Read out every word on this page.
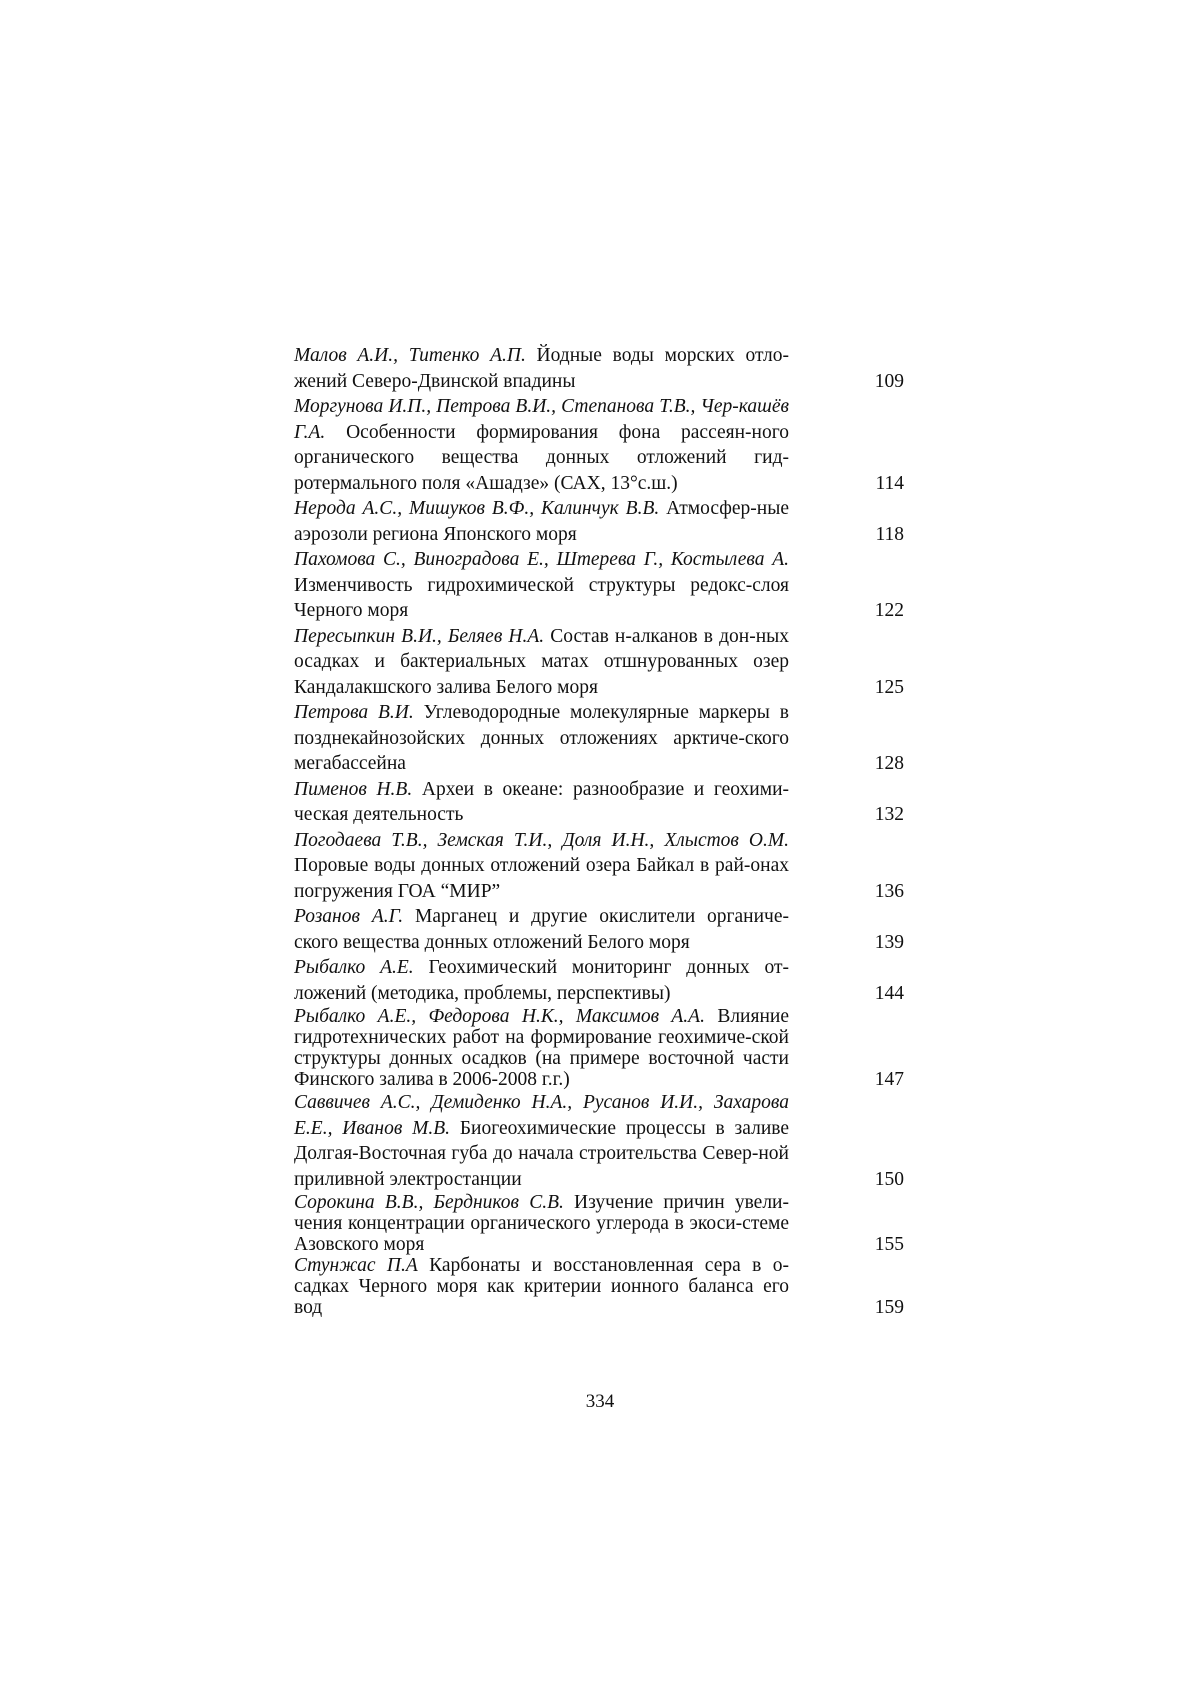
Малов А.И., Титенко А.П. Йодные воды морских отло-жений Северо-Двинской впадины	109
Моргунова И.П., Петрова В.И., Степанова Т.В., Чер-кашёв Г.А. Особенности формирования фона рассеян-ного органического вещества донных отложений гид-ротермального поля «Ашадзе» (САХ, 13°с.ш.)	114
Нерода А.С., Мишуков В.Ф., Калинчук В.В. Атмосфер-ные аэрозоли региона Японского моря	118
Пахомова С., Виноградова Е., Штерева Г., Костылева А. Изменчивость гидрохимической структуры редокс-слоя Черного моря	122
Пересыпкин В.И., Беляев Н.А. Состав н-алканов в дон-ных осадках и бактериальных матах отшнурованных озер Кандалакшского залива Белого моря	125
Петрова В.И. Углеводородные молекулярные маркеры в позднекайнозойских донных отложениях арктиче-ского мегабассейна	128
Пименов Н.В. Археи в океане: разнообразие и геохими-ческая деятельность	132
Погодаева Т.В., Земская Т.И., Доля И.Н., Хлыстов О.М. Поровые воды донных отложений озера Байкал в рай-онах погружения ГОА “МИР”	136
Розанов А.Г. Марганец и другие окислители органиче-ского вещества донных отложений Белого моря	139
Рыбалко А.Е. Геохимический мониторинг донных от-ложений (методика, проблемы, перспективы)	144
Рыбалко А.Е., Федорова Н.К., Максимов А.А. Влияние гидротехнических работ на формирование геохимиче-ской структуры донных осадков (на примере восточной части Финского залива в 2006-2008 г.г.)	147
Саввичев А.С., Демиденко Н.А., Русанов И.И., Захарова Е.Е., Иванов М.В. Биогеохимические процессы в заливе Долгая-Восточная губа до начала строительства Север-ной приливной электростанции	150
Сорокина В.В., Бердников С.В. Изучение причин увели-чения концентрации органического углерода в экоси-стеме Азовского моря	155
Стунжас П.А Карбонаты и восстановленная сера в о-садках Черного моря как критерии ионного баланса его вод	159
334
